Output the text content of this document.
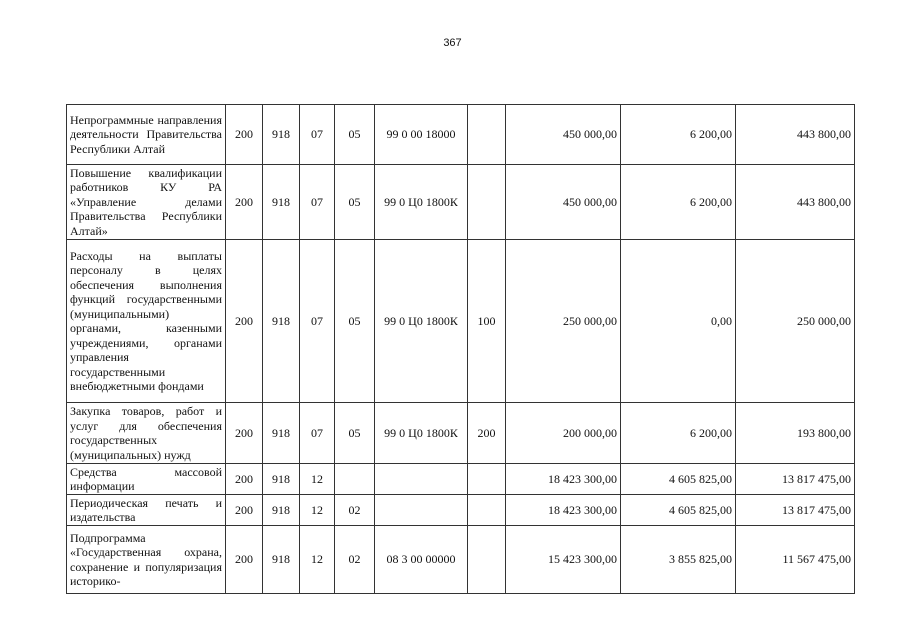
367
Непрограммные направления деятельности Правительства Республики Алтай	200	918	07	05	99 0 00 18000		450 000,00	6 200,00	443 800,00
Повышение квалификации работников КУ РА «Управление делами Правительства Республики Алтай»	200	918	07	05	99 0 Ц0 1800К		450 000,00	6 200,00	443 800,00
Расходы на выплаты персоналу в целях обеспечения выполнения функций государственными (муниципальными) органами, казенными учреждениями, органами управления государственными внебюджетными фондами	200	918	07	05	99 0 Ц0 1800К	100	250 000,00	0,00	250 000,00
Закупка товаров, работ и услуг для обеспечения государственных (муниципальных) нужд	200	918	07	05	99 0 Ц0 1800К	200	200 000,00	6 200,00	193 800,00
Средства массовой информации	200	918	12				18 423 300,00	4 605 825,00	13 817 475,00
Периодическая печать и издательства	200	918	12	02			18 423 300,00	4 605 825,00	13 817 475,00
Подпрограмма «Государственная охрана, сохранение и популяризация историко-	200	918	12	02	08 3 00 00000		15 423 300,00	3 855 825,00	11 567 475,00
